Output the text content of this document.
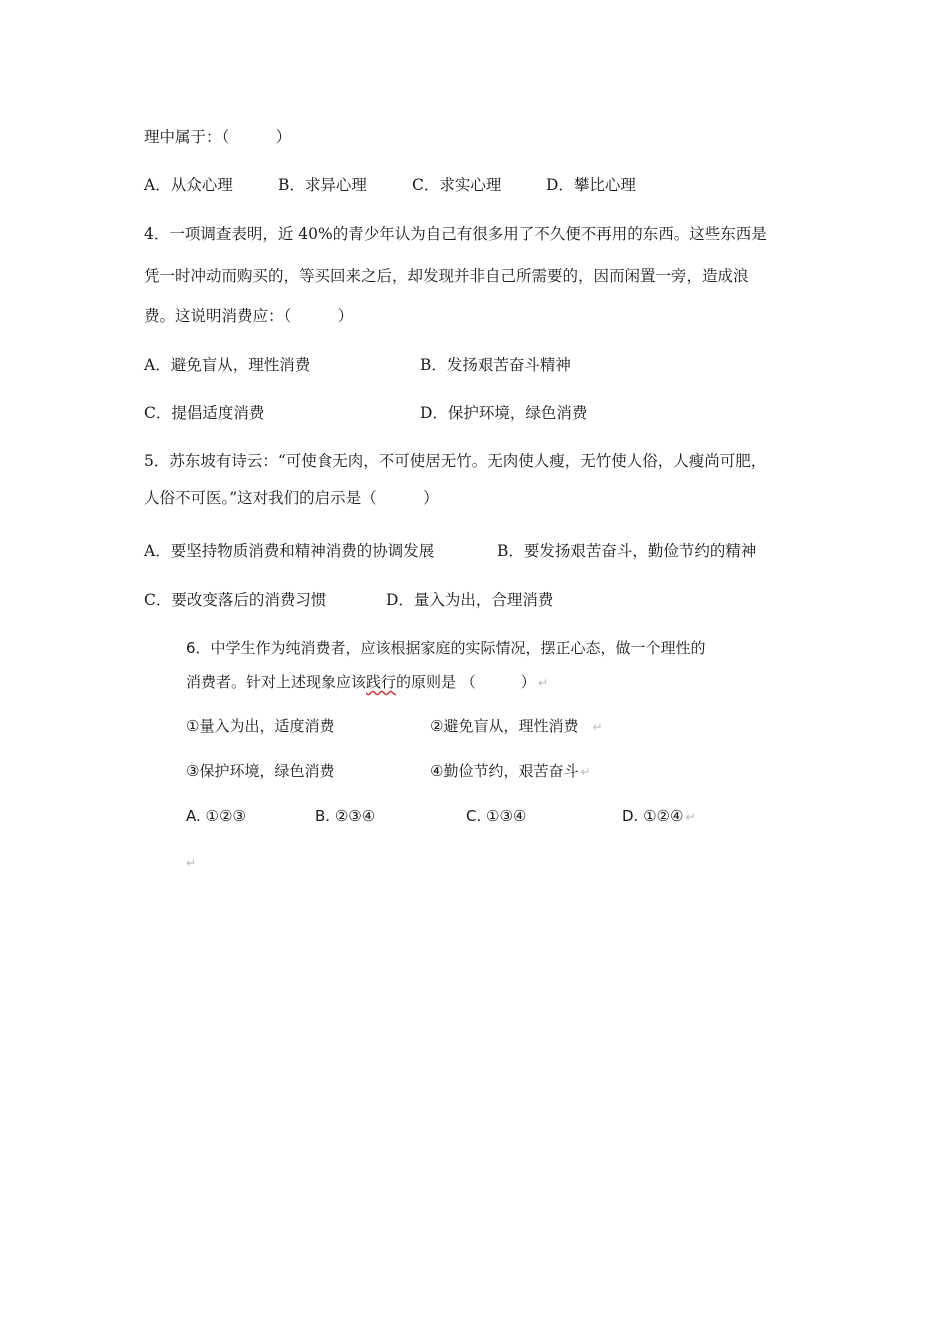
理中属于：（　　　）
A．从众心理	B．求异心理	C．求实心理	D．攀比心理
4．一项调查表明，近 40%的青少年认为自己有很多用了不久便不再用的东西。这些东西是
凭一时冲动而购买的，等买回来之后，却发现并非自己所需要的，因而闲置一旁，造成浪
费。这说明消费应：（　　　）
A．避免盲从，理性消费	B．发扬艰苦奋斗精神
C．提倡适度消费	D．保护环境，绿色消费
5．苏东坡有诗云：“可使食无肉，不可使居无竹。无肉使人瘦，无竹使人俗，人瘦尚可肥，
人俗不可医。”这对我们的启示是（　　　）
A．要坚持物质消费和精神消费的协调发展	B．要发扬艰苦奋斗，勤俭节约的精神
C．要改变落后的消费习惯	D．量入为出，合理消费
6．中学生作为纯消费者，应该根据家庭的实际情况，摆正心态，做一个理性的
消费者。针对上述现象应该践行的原则是 （　　　） ↵
①量入为出，适度消费	②避免盲从，理性消费 ↵
③保护环境，绿色消费	④勤俭节约，艰苦奋斗 ↵
A. ①②③	B. ②③④	C. ①③④	D. ①②④ ↵
↵
